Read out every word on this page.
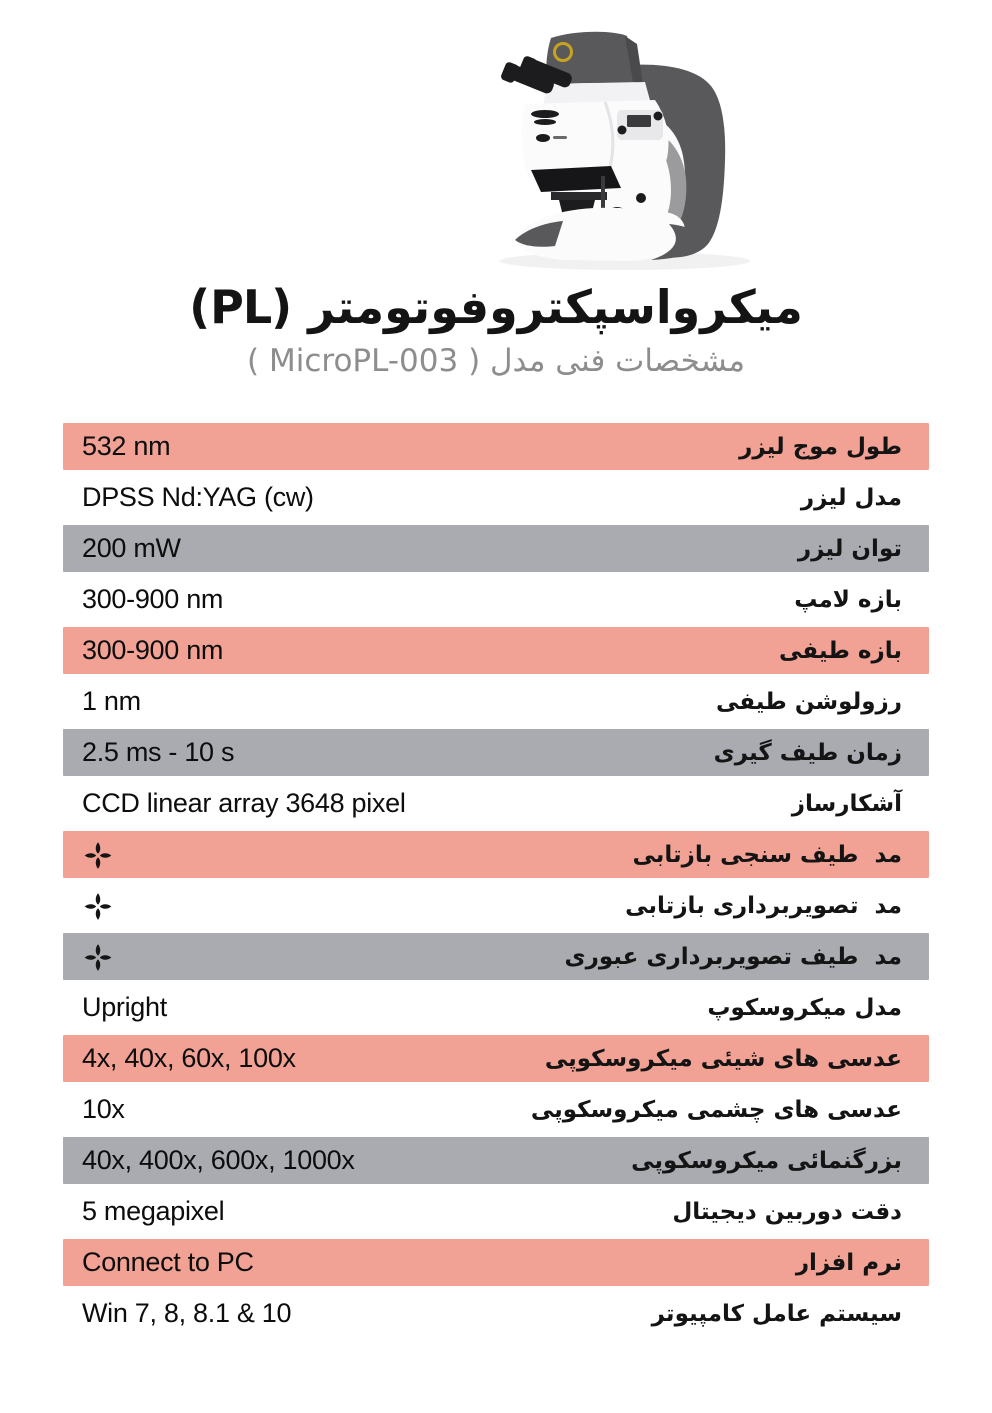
میکرواسپکتروفوتومتر (PL)
مشخصات فنی مدل ( MicroPL-003 )
طول موج لیزر
532 nm
مدل لیزر
DPSS Nd:YAG (cw)
توان لیزر
200 mW
بازه لامپ
300-900 nm
بازه طیفی
300-900 nm
رزولوشن طیفی
1 nm
زمان طیف گیری
2.5 ms - 10 s
آشکارساز
CCD linear array 3648 pixel
مد  طیف سنجی بازتابی
مد  تصویربرداری بازتابی
مد  طیف تصویربرداری عبوری
مدل میکروسکوپ
Upright
عدسی های شیئی میکروسکوپی
4x, 40x, 60x, 100x
عدسی های چشمی میکروسکوپی
10x
بزرگنمائی میکروسکوپی
40x, 400x, 600x, 1000x
دقت دوربین دیجیتال
5 megapixel
نرم افزار
Connect to PC
سیستم عامل کامپیوتر
Win 7, 8, 8.1 & 10
